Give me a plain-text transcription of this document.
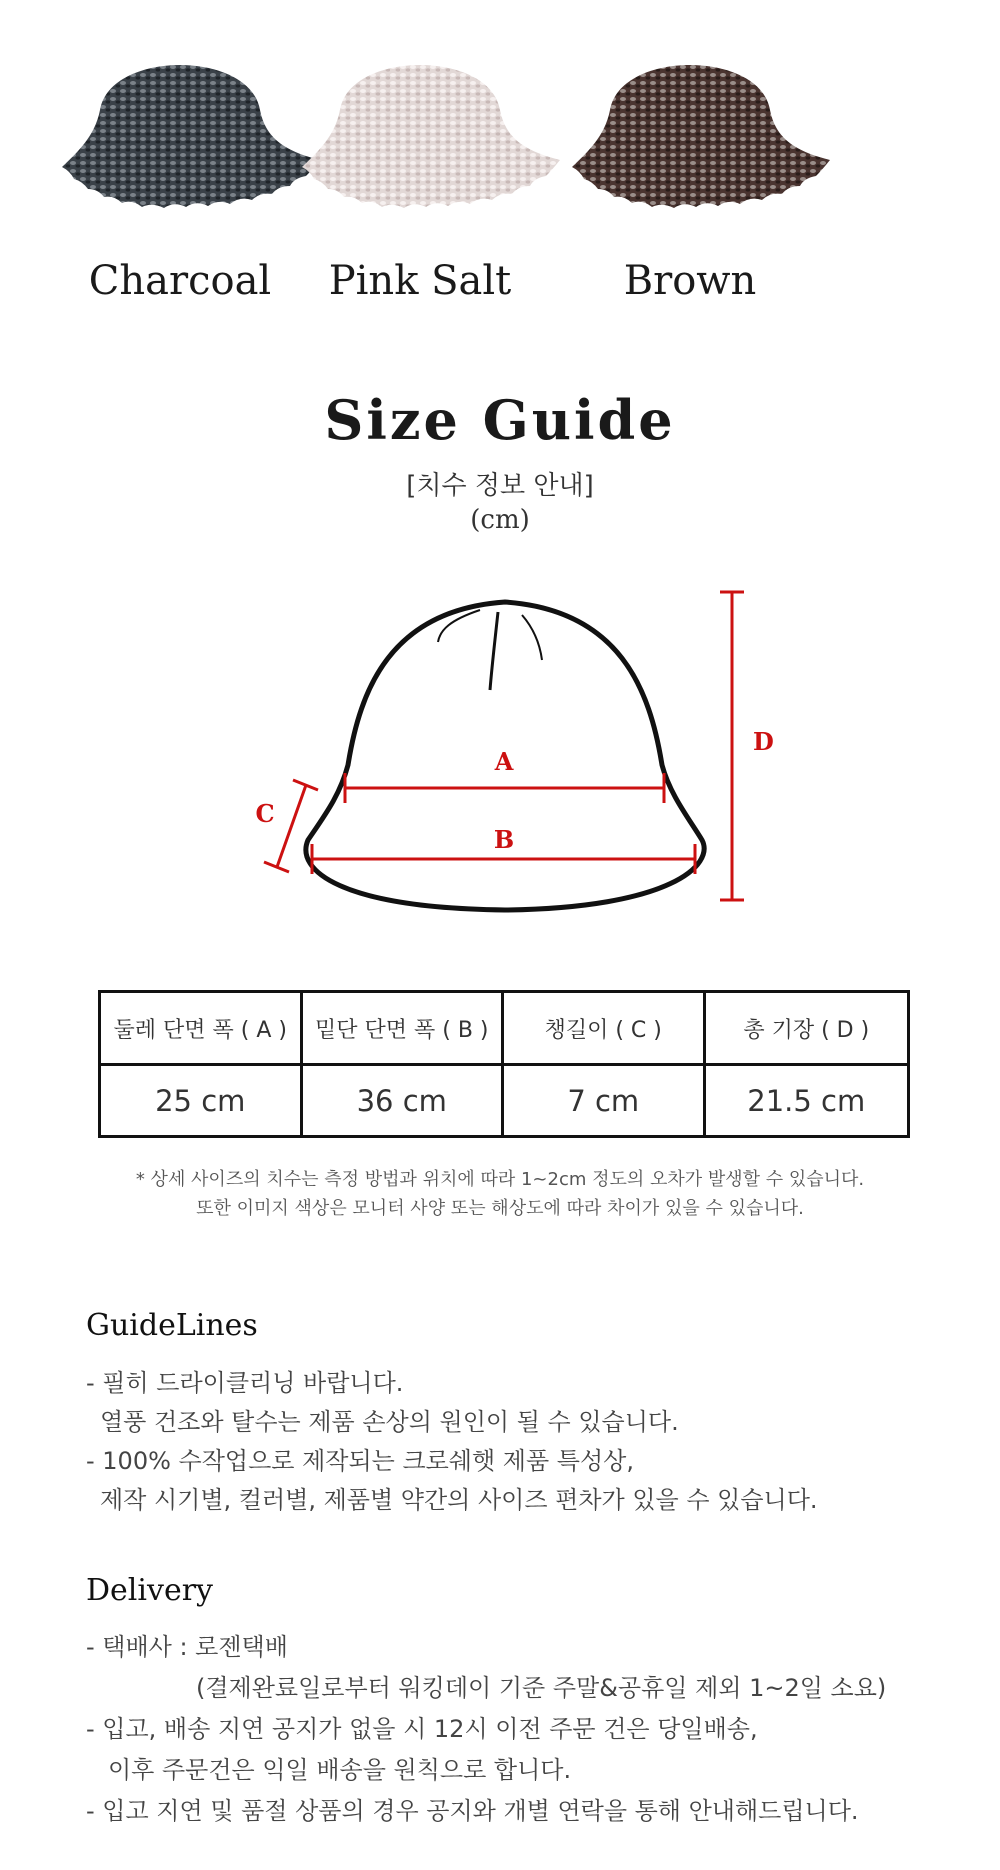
Charcoal	Pink Salt	Brown
Size Guide
[치수 정보 안내]
(cm)
A
B
C
D
둘레 단면 폭 ( A )	밑단 단면 폭 ( B )	챙길이 ( C )	총 기장 ( D )
25 cm	36 cm	7 cm	21.5 cm
* 상세 사이즈의 치수는 측정 방법과 위치에 따라 1~2cm 정도의 오차가 발생할 수 있습니다.
또한 이미지 색상은 모니터 사양 또는 해상도에 따라 차이가 있을 수 있습니다.
GuideLines
- 필히 드라이클리닝 바랍니다.
열풍 건조와 탈수는 제품 손상의 원인이 될 수 있습니다.
- 100% 수작업으로 제작되는 크로쉐햇 제품 특성상,
제작 시기별, 컬러별, 제품별 약간의 사이즈 편차가 있을 수 있습니다.
Delivery
- 택배사 : 로젠택배
(결제완료일로부터 워킹데이 기준 주말&공휴일 제외 1~2일 소요)
- 입고, 배송 지연 공지가 없을 시 12시 이전 주문 건은 당일배송,
이후 주문건은 익일 배송을 원칙으로 합니다.
- 입고 지연 및 품절 상품의 경우 공지와 개별 연락을 통해 안내해드립니다.
